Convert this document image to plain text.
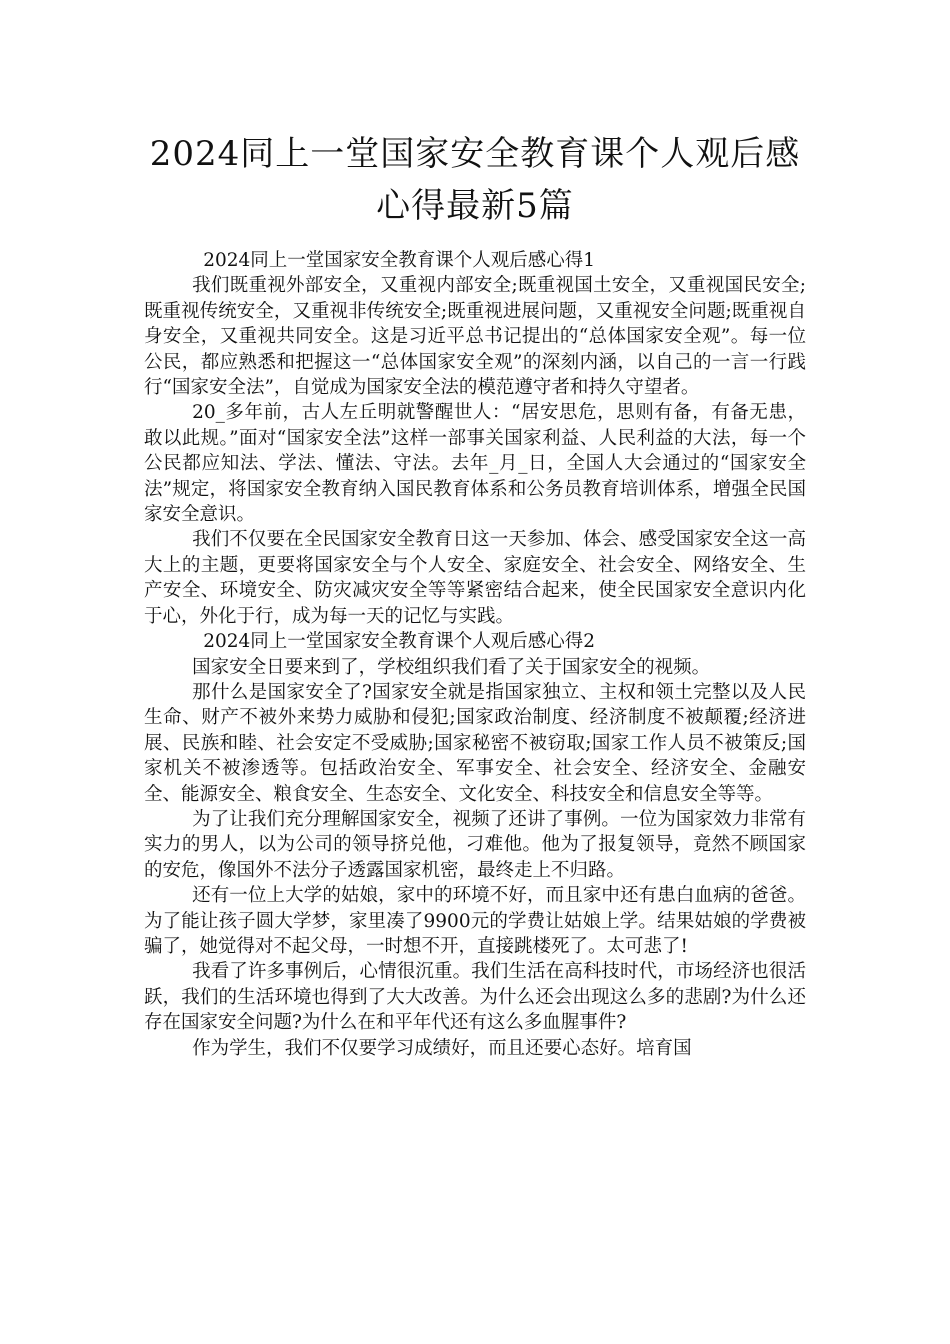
2024同上一堂国家安全教育课个人观后感
心得最新5篇

2024同上一堂国家安全教育课个人观后感心得1

我们既重视外部安全，又重视内部安全;既重视国土安全，又重视国民安全;既重视传统安全，又重视非传统安全;既重视进展问题，又重视安全问题;既重视自身安全，又重视共同安全。这是习近平总书记提出的“总体国家安全观”。每一位公民，都应熟悉和把握这一“总体国家安全观”的深刻内涵，以自己的一言一行践行“国家安全法”，自觉成为国家安全法的模范遵守者和持久守望者。

20_多年前，古人左丘明就警醒世人：“居安思危，思则有备，有备无患，敢以此规。”面对“国家安全法”这样一部事关国家利益、人民利益的大法，每一个公民都应知法、学法、懂法、守法。去年_月_日，全国人大会通过的“国家安全法”规定，将国家安全教育纳入国民教育体系和公务员教育培训体系，增强全民国家安全意识。

我们不仅要在全民国家安全教育日这一天参加、体会、感受国家安全这一高大上的主题，更要将国家安全与个人安全、家庭安全、社会安全、网络安全、生产安全、环境安全、防灾减灾安全等等紧密结合起来，使全民国家安全意识内化于心，外化于行，成为每一天的记忆与实践。

2024同上一堂国家安全教育课个人观后感心得2

国家安全日要来到了，学校组织我们看了关于国家安全的视频。

那什么是国家安全了?国家安全就是指国家独立、主权和领土完整以及人民生命、财产不被外来势力威胁和侵犯;国家政治制度、经济制度不被颠覆;经济进展、民族和睦、社会安定不受威胁;国家秘密不被窃取;国家工作人员不被策反;国家机关不被渗透等。包括政治安全、军事安全、社会安全、经济安全、金融安全、能源安全、粮食安全、生态安全、文化安全、科技安全和信息安全等等。

为了让我们充分理解国家安全，视频了还讲了事例。一位为国家效力非常有实力的男人，以为公司的领导挤兑他，刁难他。他为了报复领导，竟然不顾国家的安危，像国外不法分子透露国家机密，最终走上不归路。

还有一位上大学的姑娘，家中的环境不好，而且家中还有患白血病的爸爸。为了能让孩子圆大学梦，家里凑了9900元的学费让姑娘上学。结果姑娘的学费被骗了，她觉得对不起父母，一时想不开，直接跳楼死了。太可悲了!

我看了许多事例后，心情很沉重。我们生活在高科技时代，市场经济也很活跃，我们的生活环境也得到了大大改善。为什么还会出现这么多的悲剧?为什么还存在国家安全问题?为什么在和平年代还有这么多血腥事件?

作为学生，我们不仅要学习成绩好，而且还要心态好。培育国
